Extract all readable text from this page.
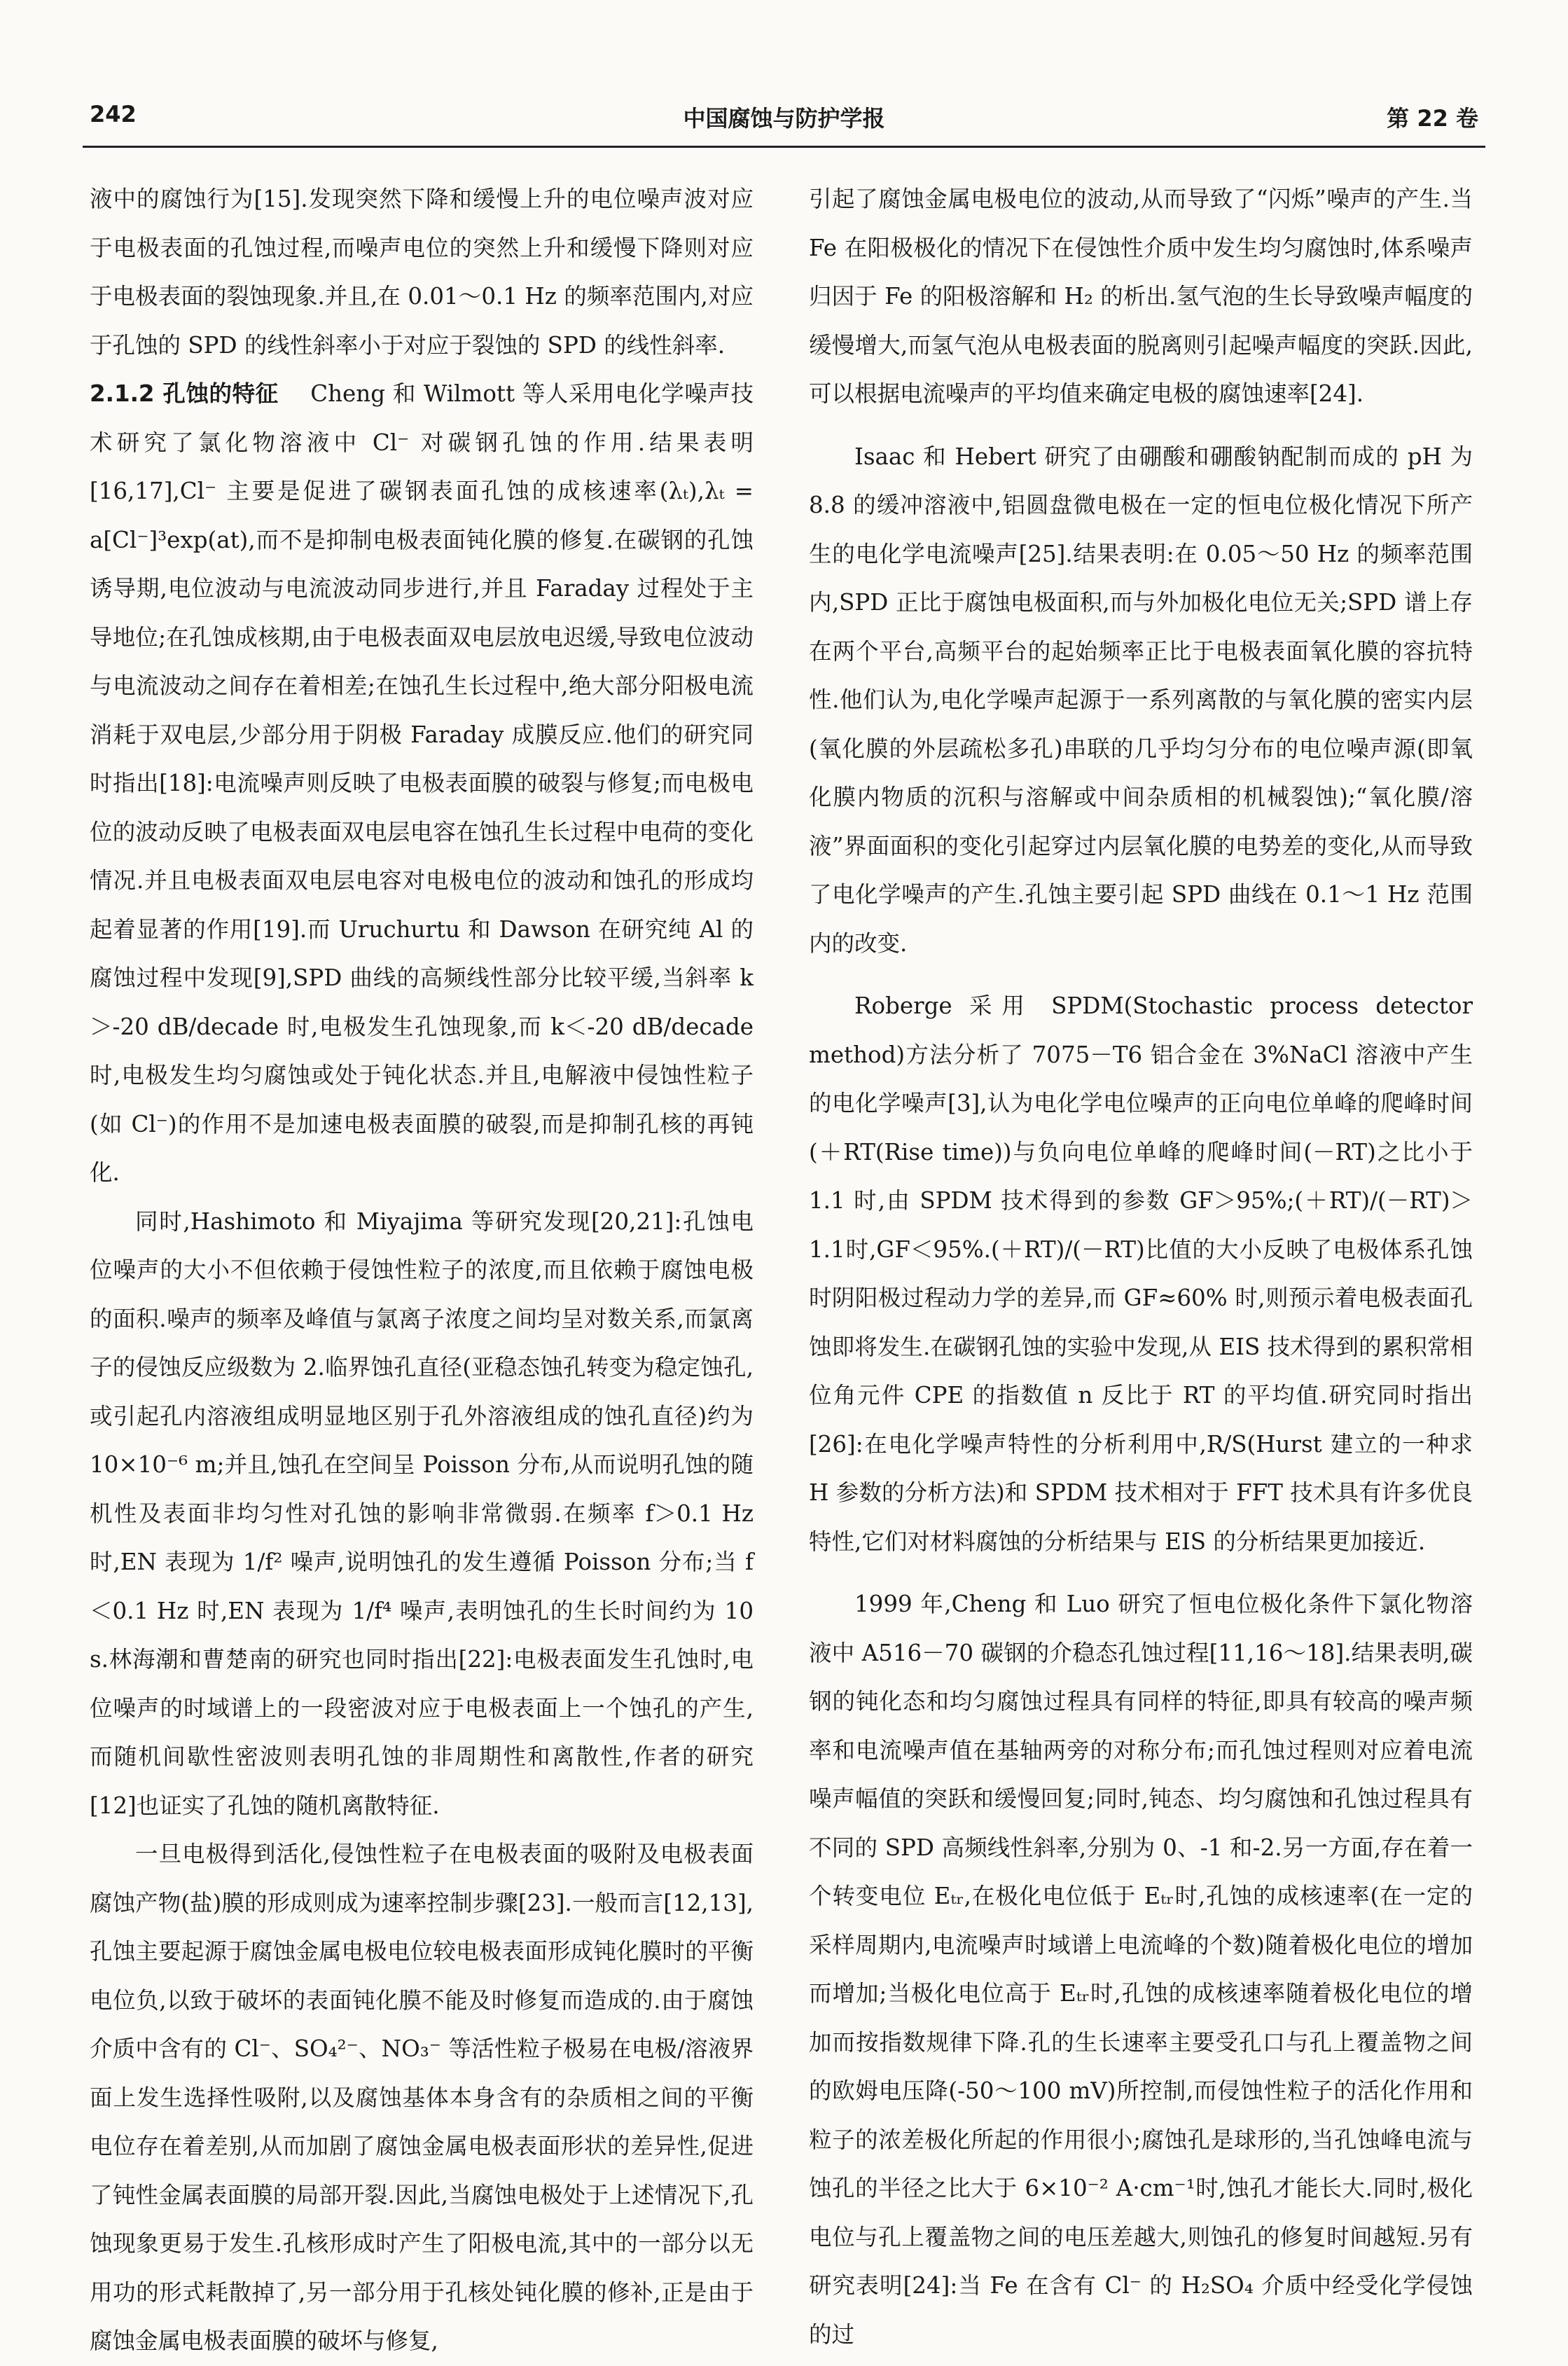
242	中国腐蚀与防护学报	第 22 卷

液中的腐蚀行为[15].发现突然下降和缓慢上升的电位噪声波对应于电极表面的孔蚀过程,而噪声电位的突然上升和缓慢下降则对应于电极表面的裂蚀现象.并且,在 0.01～0.1 Hz 的频率范围内,对应于孔蚀的 SPD 的线性斜率小于对应于裂蚀的 SPD 的线性斜率.

2.1.2 孔蚀的特征 Cheng 和 Wilmott 等人采用电化学噪声技术研究了氯化物溶液中 Cl⁻ 对碳钢孔蚀的作用.结果表明[16,17],Cl⁻ 主要是促进了碳钢表面孔蚀的成核速率(λₜ),λₜ = a[Cl⁻]³exp(at),而不是抑制电极表面钝化膜的修复.在碳钢的孔蚀诱导期,电位波动与电流波动同步进行,并且 Faraday 过程处于主导地位;在孔蚀成核期,由于电极表面双电层放电迟缓,导致电位波动与电流波动之间存在着相差;在蚀孔生长过程中,绝大部分阳极电流消耗于双电层,少部分用于阴极 Faraday 成膜反应.他们的研究同时指出[18]:电流噪声则反映了电极表面膜的破裂与修复;而电极电位的波动反映了电极表面双电层电容在蚀孔生长过程中电荷的变化情况.并且电极表面双电层电容对电极电位的波动和蚀孔的形成均起着显著的作用[19].而 Uruchurtu 和 Dawson 在研究纯 Al 的腐蚀过程中发现[9],SPD 曲线的高频线性部分比较平缓,当斜率 k＞-20 dB/decade 时,电极发生孔蚀现象,而 k＜-20 dB/decade 时,电极发生均匀腐蚀或处于钝化状态.并且,电解液中侵蚀性粒子(如 Cl⁻)的作用不是加速电极表面膜的破裂,而是抑制孔核的再钝化.

同时,Hashimoto 和 Miyajima 等研究发现[20,21]:孔蚀电位噪声的大小不但依赖于侵蚀性粒子的浓度,而且依赖于腐蚀电极的面积.噪声的频率及峰值与氯离子浓度之间均呈对数关系,而氯离子的侵蚀反应级数为 2.临界蚀孔直径(亚稳态蚀孔转变为稳定蚀孔,或引起孔内溶液组成明显地区别于孔外溶液组成的蚀孔直径)约为 10×10⁻⁶ m;并且,蚀孔在空间呈 Poisson 分布,从而说明孔蚀的随机性及表面非均匀性对孔蚀的影响非常微弱.在频率 f＞0.1 Hz 时,EN 表现为 1/f² 噪声,说明蚀孔的发生遵循 Poisson 分布;当 f＜0.1 Hz 时,EN 表现为 1/f⁴ 噪声,表明蚀孔的生长时间约为 10 s.林海潮和曹楚南的研究也同时指出[22]:电极表面发生孔蚀时,电位噪声的时域谱上的一段密波对应于电极表面上一个蚀孔的产生,而随机间歇性密波则表明孔蚀的非周期性和离散性,作者的研究[12]也证实了孔蚀的随机离散特征.

一旦电极得到活化,侵蚀性粒子在电极表面的吸附及电极表面腐蚀产物(盐)膜的形成则成为速率控制步骤[23].一般而言[12,13],孔蚀主要起源于腐蚀金属电极电位较电极表面形成钝化膜时的平衡电位负,以致于破坏的表面钝化膜不能及时修复而造成的.由于腐蚀介质中含有的 Cl⁻、SO₄²⁻、NO₃⁻ 等活性粒子极易在电极/溶液界面上发生选择性吸附,以及腐蚀基体本身含有的杂质相之间的平衡电位存在着差别,从而加剧了腐蚀金属电极表面形状的差异性,促进了钝性金属表面膜的局部开裂.因此,当腐蚀电极处于上述情况下,孔蚀现象更易于发生.孔核形成时产生了阳极电流,其中的一部分以无用功的形式耗散掉了,另一部分用于孔核处钝化膜的修补,正是由于腐蚀金属电极表面膜的破坏与修复,

引起了腐蚀金属电极电位的波动,从而导致了“闪烁”噪声的产生.当 Fe 在阳极极化的情况下在侵蚀性介质中发生均匀腐蚀时,体系噪声归因于 Fe 的阳极溶解和 H₂ 的析出.氢气泡的生长导致噪声幅度的缓慢增大,而氢气泡从电极表面的脱离则引起噪声幅度的突跃.因此,可以根据电流噪声的平均值来确定电极的腐蚀速率[24].

Isaac 和 Hebert 研究了由硼酸和硼酸钠配制而成的 pH 为 8.8 的缓冲溶液中,铝圆盘微电极在一定的恒电位极化情况下所产生的电化学电流噪声[25].结果表明:在 0.05～50 Hz 的频率范围内,SPD 正比于腐蚀电极面积,而与外加极化电位无关;SPD 谱上存在两个平台,高频平台的起始频率正比于电极表面氧化膜的容抗特性.他们认为,电化学噪声起源于一系列离散的与氧化膜的密实内层(氧化膜的外层疏松多孔)串联的几乎均匀分布的电位噪声源(即氧化膜内物质的沉积与溶解或中间杂质相的机械裂蚀);“氧化膜/溶液”界面面积的变化引起穿过内层氧化膜的电势差的变化,从而导致了电化学噪声的产生.孔蚀主要引起 SPD 曲线在 0.1～1 Hz 范围内的改变.

Roberge 采用 SPDM(Stochastic process detector method)方法分析了 7075－T6 铝合金在 3%NaCl 溶液中产生的电化学噪声[3],认为电化学电位噪声的正向电位单峰的爬峰时间(＋RT(Rise time))与负向电位单峰的爬峰时间(－RT)之比小于 1.1 时,由 SPDM 技术得到的参数 GF＞95%;(＋RT)/(－RT)＞1.1时,GF＜95%.(＋RT)/(－RT)比值的大小反映了电极体系孔蚀时阴阳极过程动力学的差异,而 GF≈60% 时,则预示着电极表面孔蚀即将发生.在碳钢孔蚀的实验中发现,从 EIS 技术得到的累积常相位角元件 CPE 的指数值 n 反比于 RT 的平均值.研究同时指出[26]:在电化学噪声特性的分析利用中,R/S(Hurst 建立的一种求 H 参数的分析方法)和 SPDM 技术相对于 FFT 技术具有许多优良特性,它们对材料腐蚀的分析结果与 EIS 的分析结果更加接近.

1999 年,Cheng 和 Luo 研究了恒电位极化条件下氯化物溶液中 A516－70 碳钢的介稳态孔蚀过程[11,16～18].结果表明,碳钢的钝化态和均匀腐蚀过程具有同样的特征,即具有较高的噪声频率和电流噪声值在基轴两旁的对称分布;而孔蚀过程则对应着电流噪声幅值的突跃和缓慢回复;同时,钝态、均匀腐蚀和孔蚀过程具有不同的 SPD 高频线性斜率,分别为 0、-1 和-2.另一方面,存在着一个转变电位 Eₜᵣ,在极化电位低于 Eₜᵣ时,孔蚀的成核速率(在一定的采样周期内,电流噪声时域谱上电流峰的个数)随着极化电位的增加而增加;当极化电位高于 Eₜᵣ时,孔蚀的成核速率随着极化电位的增加而按指数规律下降.孔的生长速率主要受孔口与孔上覆盖物之间的欧姆电压降(-50～100 mV)所控制,而侵蚀性粒子的活化作用和粒子的浓差极化所起的作用很小;腐蚀孔是球形的,当孔蚀峰电流与蚀孔的半径之比大于 6×10⁻² A·cm⁻¹时,蚀孔才能长大.同时,极化电位与孔上覆盖物之间的电压差越大,则蚀孔的修复时间越短.另有研究表明[24]:当 Fe 在含有 Cl⁻ 的 H₂SO₄ 介质中经受化学侵蚀的过
